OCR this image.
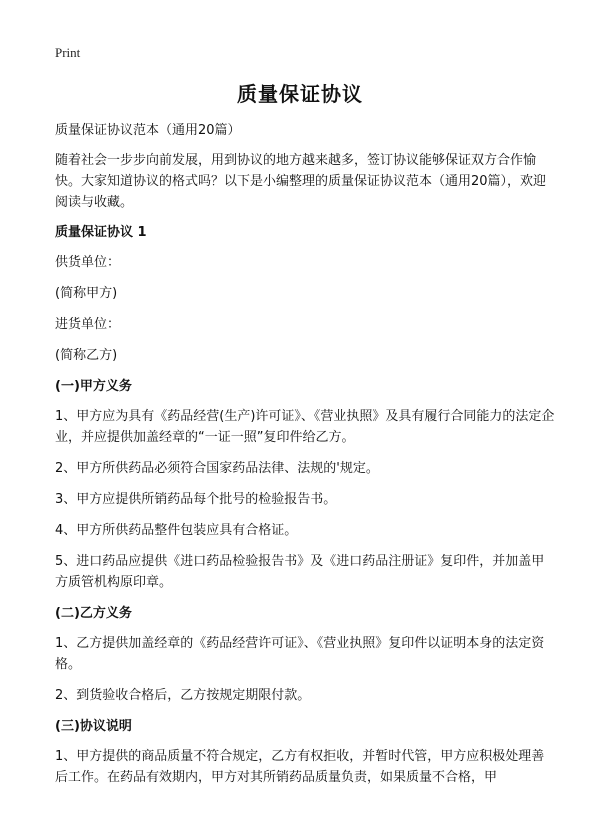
Print
质量保证协议

质量保证协议范本（通用20篇）

随着社会一步步向前发展，用到协议的地方越来越多，签订协议能够保证双方合作愉快。大家知道协议的格式吗？以下是小编整理的质量保证协议范本（通用20篇），欢迎阅读与收藏。

质量保证协议 1

供货单位：

(简称甲方)

进货单位：

(简称乙方)

(一)甲方义务

1、甲方应为具有《药品经营(生产)许可证》、《营业执照》及具有履行合同能力的法定企业，并应提供加盖经章的“一证一照”复印件给乙方。

2、甲方所供药品必须符合国家药品法律、法规的'规定。

3、甲方应提供所销药品每个批号的检验报告书。

4、甲方所供药品整件包装应具有合格证。

5、进口药品应提供《进口药品检验报告书》及《进口药品注册证》复印件，并加盖甲方质管机构原印章。

(二)乙方义务

1、乙方提供加盖经章的《药品经营许可证》、《营业执照》复印件以证明本身的法定资格。

2、到货验收合格后，乙方按规定期限付款。

(三)协议说明

1、甲方提供的商品质量不符合规定，乙方有权拒收，并暂时代管，甲方应积极处理善后工作。在药品有效期内，甲方对其所销药品质量负责，如果质量不合格，甲
